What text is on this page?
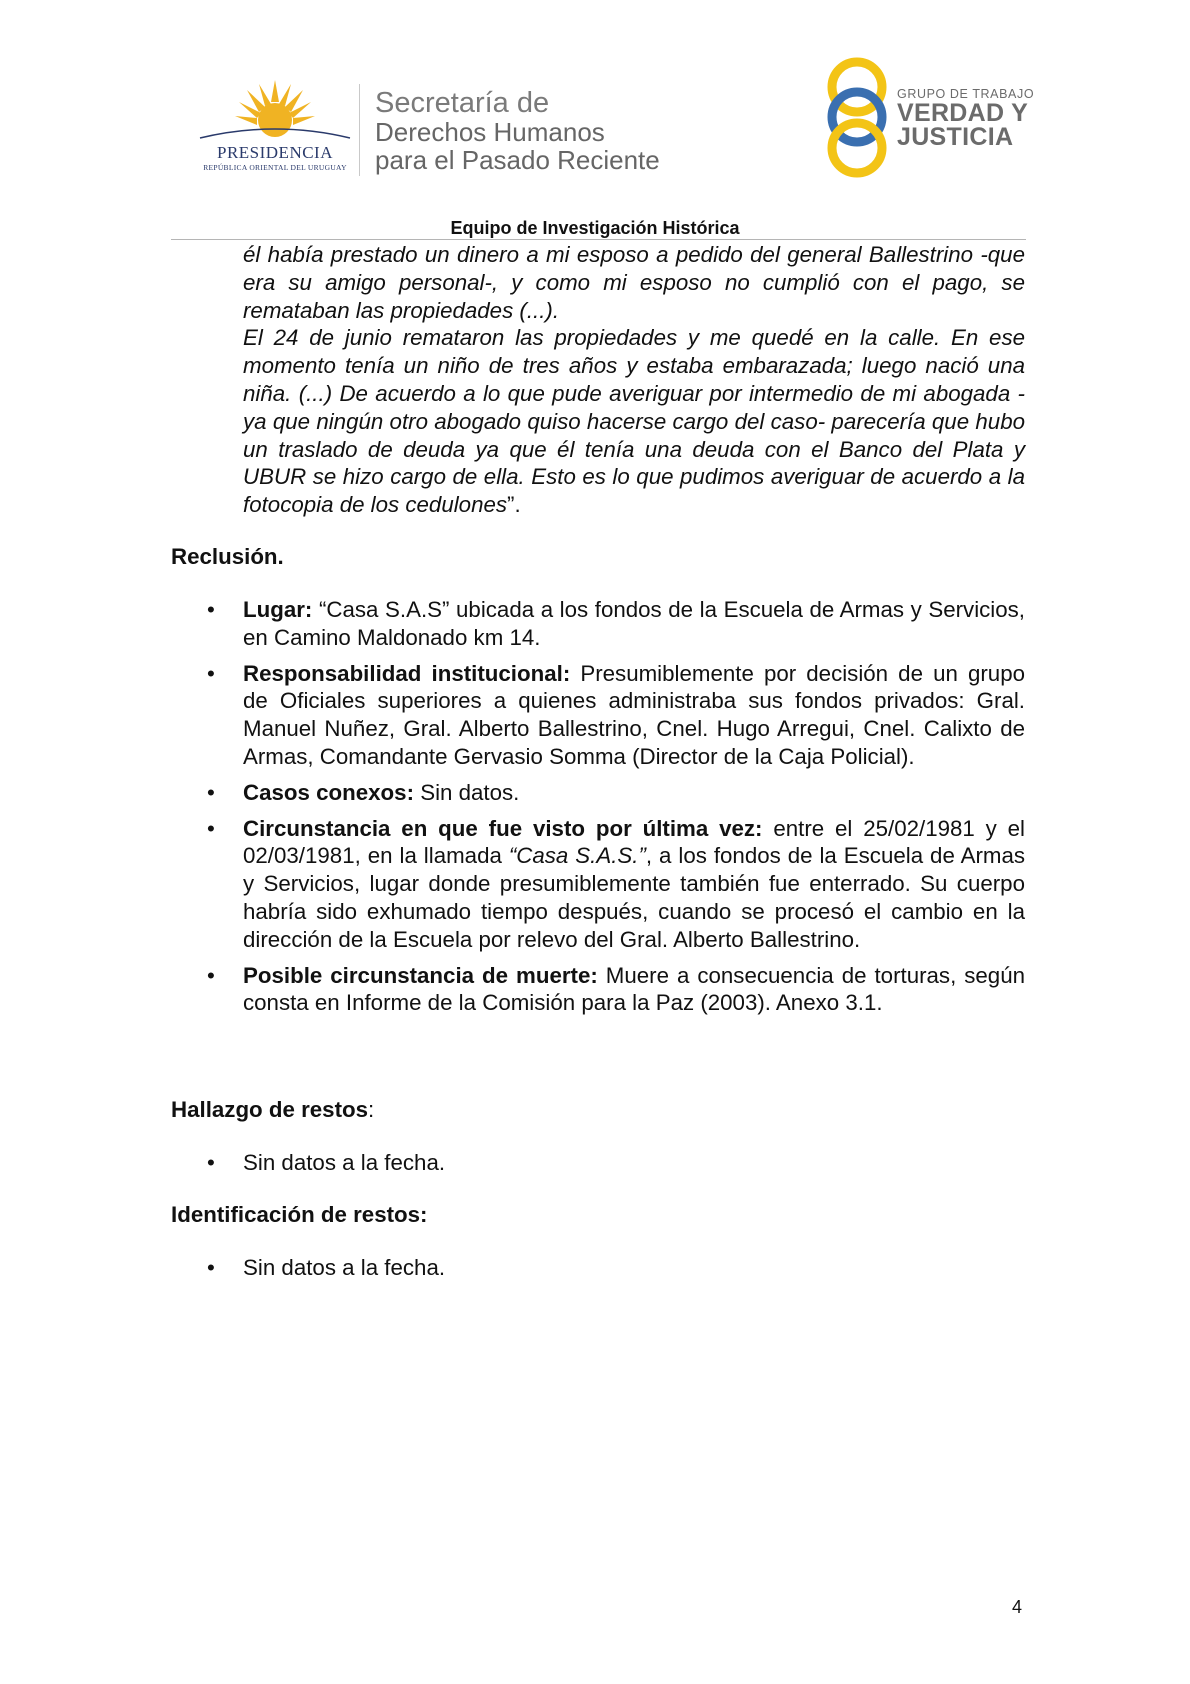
PRESIDENCIA
REPÚBLICA ORIENTAL DEL URUGUAY
Secretaría de
Derechos Humanos
para el Pasado Reciente
GRUPO DE TRABAJO
VERDAD Y
JUSTICIA
Equipo de Investigación Histórica

él había prestado un dinero a mi esposo a pedido del general Ballestrino -que era su amigo personal-, y como mi esposo no cumplió con el pago, se remataban las propiedades (...).

El 24 de junio remataron las propiedades y me quedé en la calle. En ese momento tenía un niño de tres años y estaba embarazada; luego nació una niña. (...) De acuerdo a lo que pude averiguar por intermedio de mi abogada -ya que ningún otro abogado quiso hacerse cargo del caso- parecería que hubo un traslado de deuda ya que él tenía una deuda con el Banco del Plata y UBUR se hizo cargo de ella. Esto es lo que pudimos averiguar de acuerdo a la fotocopia de los cedulones”.

Reclusión.
• Lugar: “Casa S.A.S” ubicada a los fondos de la Escuela de Armas y Servicios, en Camino Maldonado km 14.
• Responsabilidad institucional: Presumiblemente por decisión de un grupo de Oficiales superiores a quienes administraba sus fondos privados: Gral. Manuel Nuñez, Gral. Alberto Ballestrino, Cnel. Hugo Arregui, Cnel. Calixto de Armas, Comandante Gervasio Somma (Director de la Caja Policial).
• Casos conexos: Sin datos.
• Circunstancia en que fue visto por última vez: entre el 25/02/1981 y el 02/03/1981, en la llamada “Casa S.A.S.”, a los fondos de la Escuela de Armas y Servicios, lugar donde presumiblemente también fue enterrado. Su cuerpo habría sido exhumado tiempo después, cuando se procesó el cambio en la dirección de la Escuela por relevo del Gral. Alberto Ballestrino.
• Posible circunstancia de muerte: Muere a consecuencia de torturas, según consta en Informe de la Comisión para la Paz (2003). Anexo 3.1.
Hallazgo de restos:
• Sin datos a la fecha.
Identificación de restos:
• Sin datos a la fecha.
4
